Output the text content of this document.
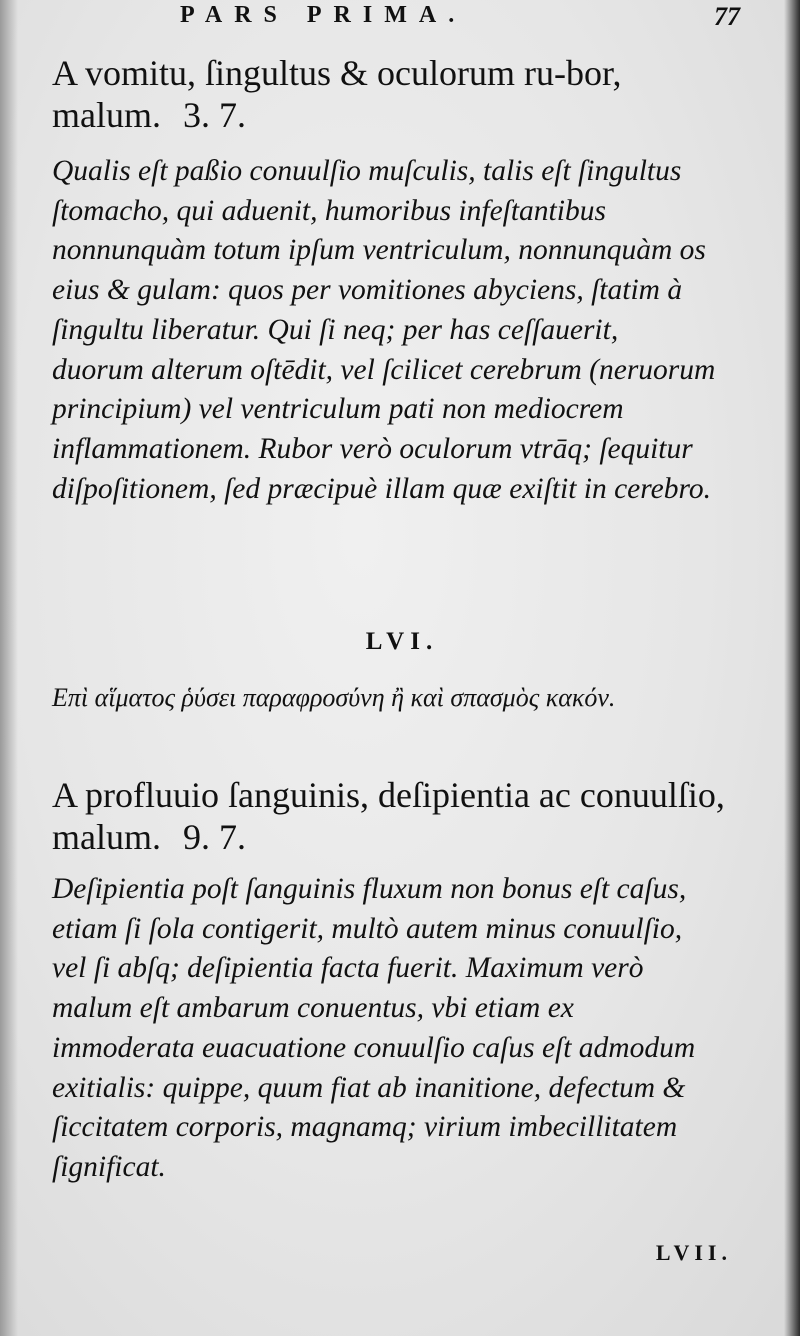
PARS PRIMA.	77

A vomitu, ſingultus & oculorum ru-bor, malum. 3. 7.

Qualis eſt paßio conuulſio muſculis, talis eſt ſingultus ſtomacho, qui aduenit, humoribus infeſtantibus nonnunquàm totum ipſum ventriculum, nonnunquàm os eius & gulam: quos per vomitiones abyciens, ſtatim à ſingultu liberatur. Qui ſi neq; per has ceſſauerit, duorum alterum oſtēdit, vel ſcilicet cerebrum (neruorum principium) vel ventriculum pati non mediocrem inflammationem. Rubor verò oculorum vtrāq; ſequitur diſpoſitionem, ſed præcipuè illam quæ exiſtit in cerebro.

LVI.

Επὶ αἵματος ῥύσει παραφροσύνη ἢ καὶ σπασμὸς κακόν.

A profluuio ſanguinis, deſipientia ac conuulſio, malum. 9. 7.

Deſipientia poſt ſanguinis fluxum non bonus eſt caſus, etiam ſi ſola contigerit, multò autem minus conuulſio, vel ſi abſq; deſipientia facta fuerit. Maximum verò malum eſt ambarum conuentus, vbi etiam ex immoderata euacuatione conuulſio caſus eſt admodum exitialis: quippe, quum fiat ab inanitione, defectum & ſiccitatem corporis, magnamq; virium imbecillitatem ſignificat.

LVII.
